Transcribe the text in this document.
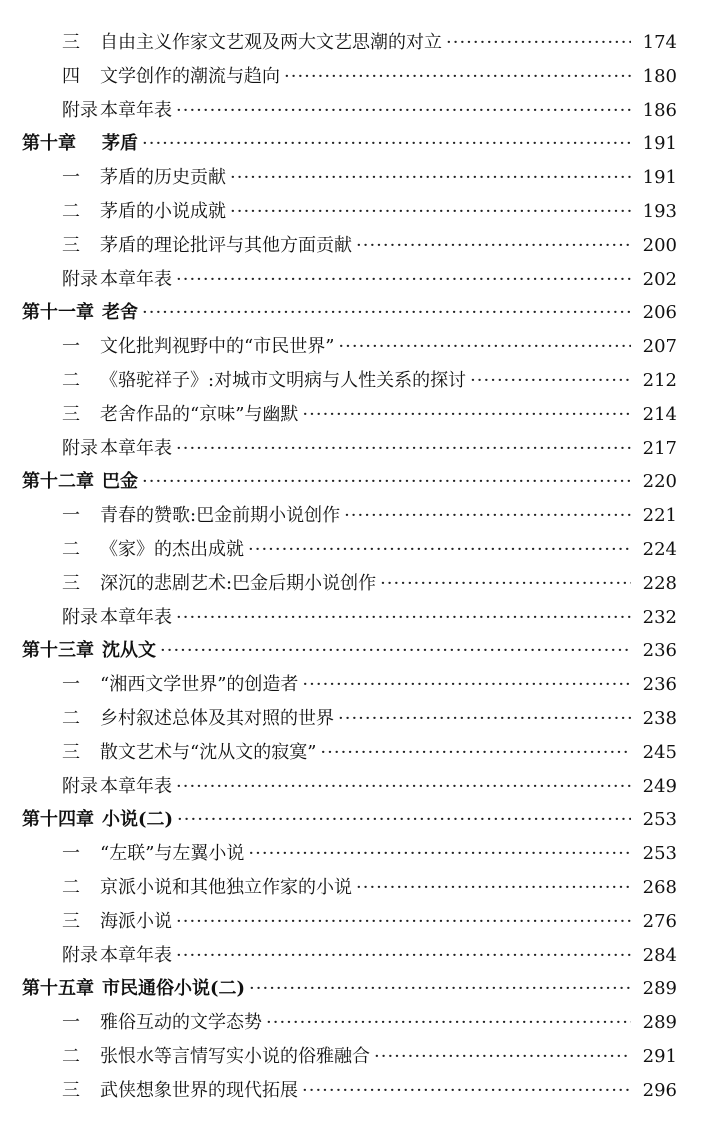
三	自由主义作家文艺观及两大文艺思潮的对立 ·····	174
四	文学创作的潮流与趋向 ·····	180
附录 本章年表 ·····	186
第十章	茅盾 ·····	191
一	茅盾的历史贡献 ·····	191
二	茅盾的小说成就 ·····	193
三	茅盾的理论批评与其他方面贡献 ·····	200
附录 本章年表 ·····	202
第十一章 老舍 ·····	206
一	文化批判视野中的“市民世界” ·····	207
二	《骆驼祥子》:对城市文明病与人性关系的探讨 ·····	212
三	老舍作品的“京味”与幽默 ·····	214
附录 本章年表 ·····	217
第十二章 巴金 ·····	220
一	青春的赞歌:巴金前期小说创作 ·····	221
二	《家》的杰出成就 ·····	224
三	深沉的悲剧艺术:巴金后期小说创作 ·····	228
附录 本章年表 ·····	232
第十三章 沈从文 ·····	236
一	“湘西文学世界”的创造者 ·····	236
二	乡村叙述总体及其对照的世界 ·····	238
三	散文艺术与“沈从文的寂寞” ·····	245
附录 本章年表 ·····	249
第十四章 小说(二) ·····	253
一	“左联”与左翼小说 ·····	253
二	京派小说和其他独立作家的小说 ·····	268
三	海派小说 ·····	276
附录 本章年表 ·····	284
第十五章 市民通俗小说(二) ·····	289
一	雅俗互动的文学态势 ·····	289
二	张恨水等言情写实小说的俗雅融合 ·····	291
三	武侠想象世界的现代拓展 ·····	296
